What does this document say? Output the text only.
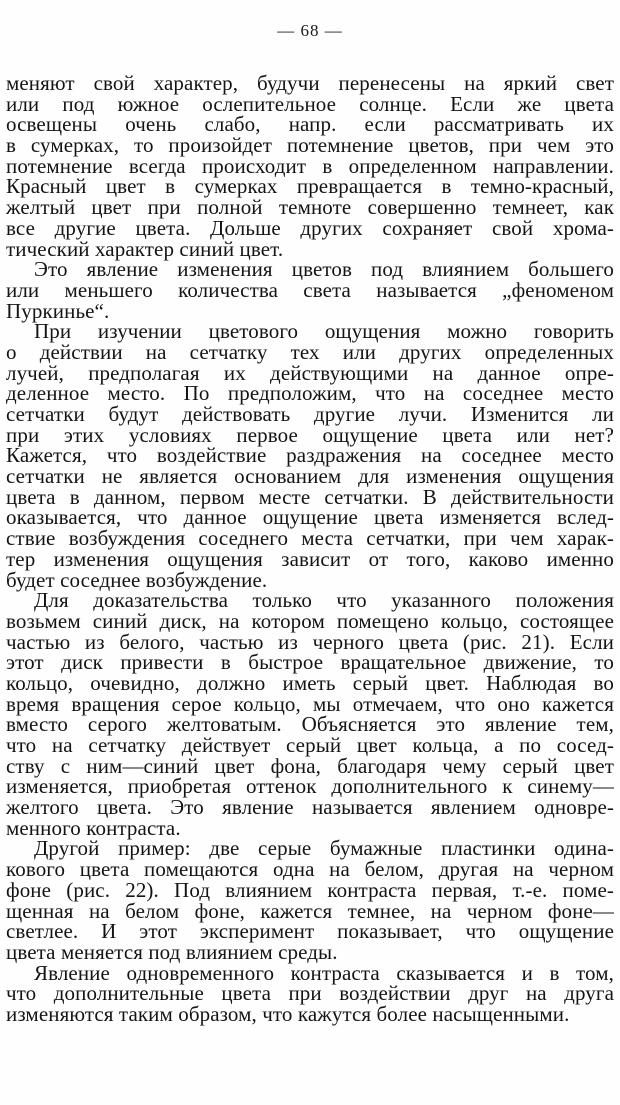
— 68 —
меняют свой характер, будучи перенесены на яркий свет
или под южное ослепительное солнце. Если же цвета
освещены очень слабо, напр. если рассматривать их
в сумерках, то произойдет потемнение цветов, при чем это
потемнение всегда происходит в определенном направлении.
Красный цвет в сумерках превращается в темно-красный,
желтый цвет при полной темноте совершенно темнеет, как
все другие цвета. Дольше других сохраняет свой хрома-
тический характер синий цвет.
Это явление изменения цветов под влиянием большего
или меньшего количества света называется „феноменом
Пуркинье“.
При изучении цветового ощущения можно говорить
о действии на сетчатку тех или других определенных
лучей, предполагая их действующими на данное опре-
деленное место. По предположим, что на соседнее место
сетчатки будут действовать другие лучи. Изменится ли
при этих условиях первое ощущение цвета или нет?
Кажется, что воздействие раздражения на соседнее место
сетчатки не является основанием для изменения ощущения
цвета в данном, первом месте сетчатки. В действительности
оказывается, что данное ощущение цвета изменяется вслед-
ствие возбуждения соседнего места сетчатки, при чем харак-
тер изменения ощущения зависит от того, каково именно
будет соседнее возбуждение.
Для доказательства только что указанного положения
возьмем синий диск, на котором помещено кольцо, состоящее
частью из белого, частью из черного цвета (рис. 21). Если
этот диск привести в быстрое вращательное движение, то
кольцо, очевидно, должно иметь серый цвет. Наблюдая во
время вращения серое кольцо, мы отмечаем, что оно кажется
вместо серого желтоватым. Объясняется это явление тем,
что на сетчатку действует серый цвет кольца, а по сосед-
ству с ним—синий цвет фона, благодаря чему серый цвет
изменяется, приобретая оттенок дополнительного к синему—
желтого цвета. Это явление называется явлением одновре-
менного контраста.
Другой пример: две серые бумажные пластинки одина-
кового цвета помещаются одна на белом, другая на черном
фоне (рис. 22). Под влиянием контраста первая, т.-е. поме-
щенная на белом фоне, кажется темнее, на черном фоне—
светлее. И этот эксперимент показывает, что ощущение
цвета меняется под влиянием среды.
Явление одновременного контраста сказывается и в том,
что дополнительные цвета при воздействии друг на друга
изменяются таким образом, что кажутся более насыщенными.
